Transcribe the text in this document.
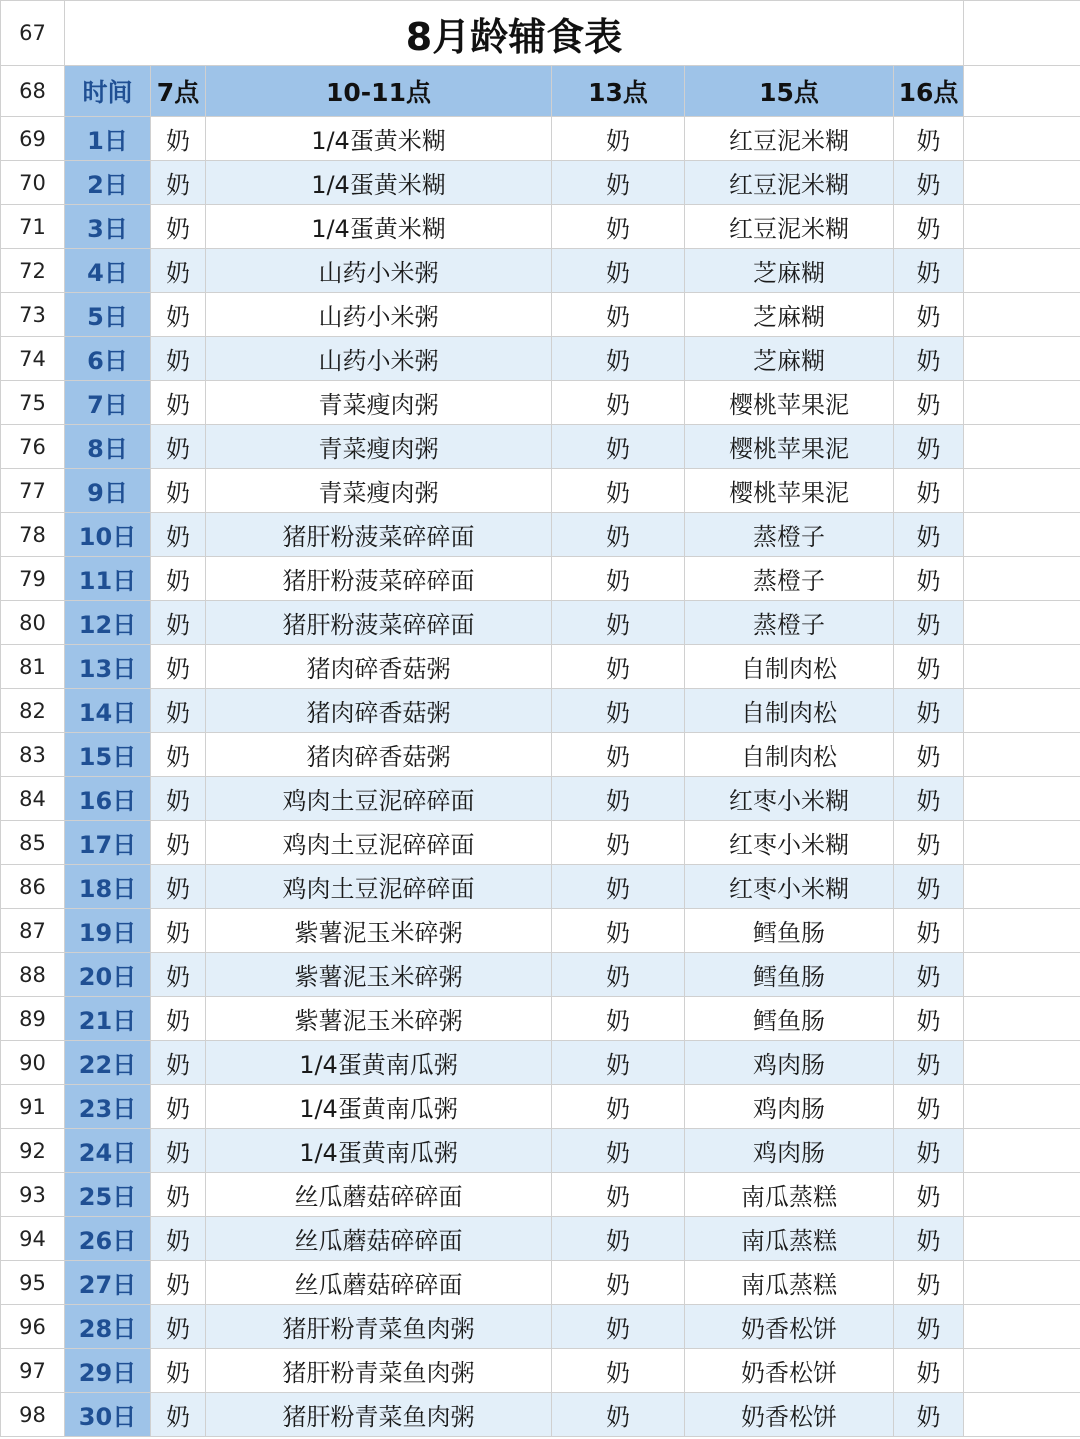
67	8月龄辅食表						
68	时间	7点	10-11点	13点	15点	16点	
69	1日	奶	1/4蛋黄米糊	奶	红豆泥米糊	奶	
70	2日	奶	1/4蛋黄米糊	奶	红豆泥米糊	奶	
71	3日	奶	1/4蛋黄米糊	奶	红豆泥米糊	奶	
72	4日	奶	山药小米粥	奶	芝麻糊	奶	
73	5日	奶	山药小米粥	奶	芝麻糊	奶	
74	6日	奶	山药小米粥	奶	芝麻糊	奶	
75	7日	奶	青菜瘦肉粥	奶	樱桃苹果泥	奶	
76	8日	奶	青菜瘦肉粥	奶	樱桃苹果泥	奶	
77	9日	奶	青菜瘦肉粥	奶	樱桃苹果泥	奶	
78	10日	奶	猪肝粉菠菜碎碎面	奶	蒸橙子	奶	
79	11日	奶	猪肝粉菠菜碎碎面	奶	蒸橙子	奶	
80	12日	奶	猪肝粉菠菜碎碎面	奶	蒸橙子	奶	
81	13日	奶	猪肉碎香菇粥	奶	自制肉松	奶	
82	14日	奶	猪肉碎香菇粥	奶	自制肉松	奶	
83	15日	奶	猪肉碎香菇粥	奶	自制肉松	奶	
84	16日	奶	鸡肉土豆泥碎碎面	奶	红枣小米糊	奶	
85	17日	奶	鸡肉土豆泥碎碎面	奶	红枣小米糊	奶	
86	18日	奶	鸡肉土豆泥碎碎面	奶	红枣小米糊	奶	
87	19日	奶	紫薯泥玉米碎粥	奶	鳕鱼肠	奶	
88	20日	奶	紫薯泥玉米碎粥	奶	鳕鱼肠	奶	
89	21日	奶	紫薯泥玉米碎粥	奶	鳕鱼肠	奶	
90	22日	奶	1/4蛋黄南瓜粥	奶	鸡肉肠	奶	
91	23日	奶	1/4蛋黄南瓜粥	奶	鸡肉肠	奶	
92	24日	奶	1/4蛋黄南瓜粥	奶	鸡肉肠	奶	
93	25日	奶	丝瓜蘑菇碎碎面	奶	南瓜蒸糕	奶	
94	26日	奶	丝瓜蘑菇碎碎面	奶	南瓜蒸糕	奶	
95	27日	奶	丝瓜蘑菇碎碎面	奶	南瓜蒸糕	奶	
96	28日	奶	猪肝粉青菜鱼肉粥	奶	奶香松饼	奶	
97	29日	奶	猪肝粉青菜鱼肉粥	奶	奶香松饼	奶	
98	30日	奶	猪肝粉青菜鱼肉粥	奶	奶香松饼	奶	
